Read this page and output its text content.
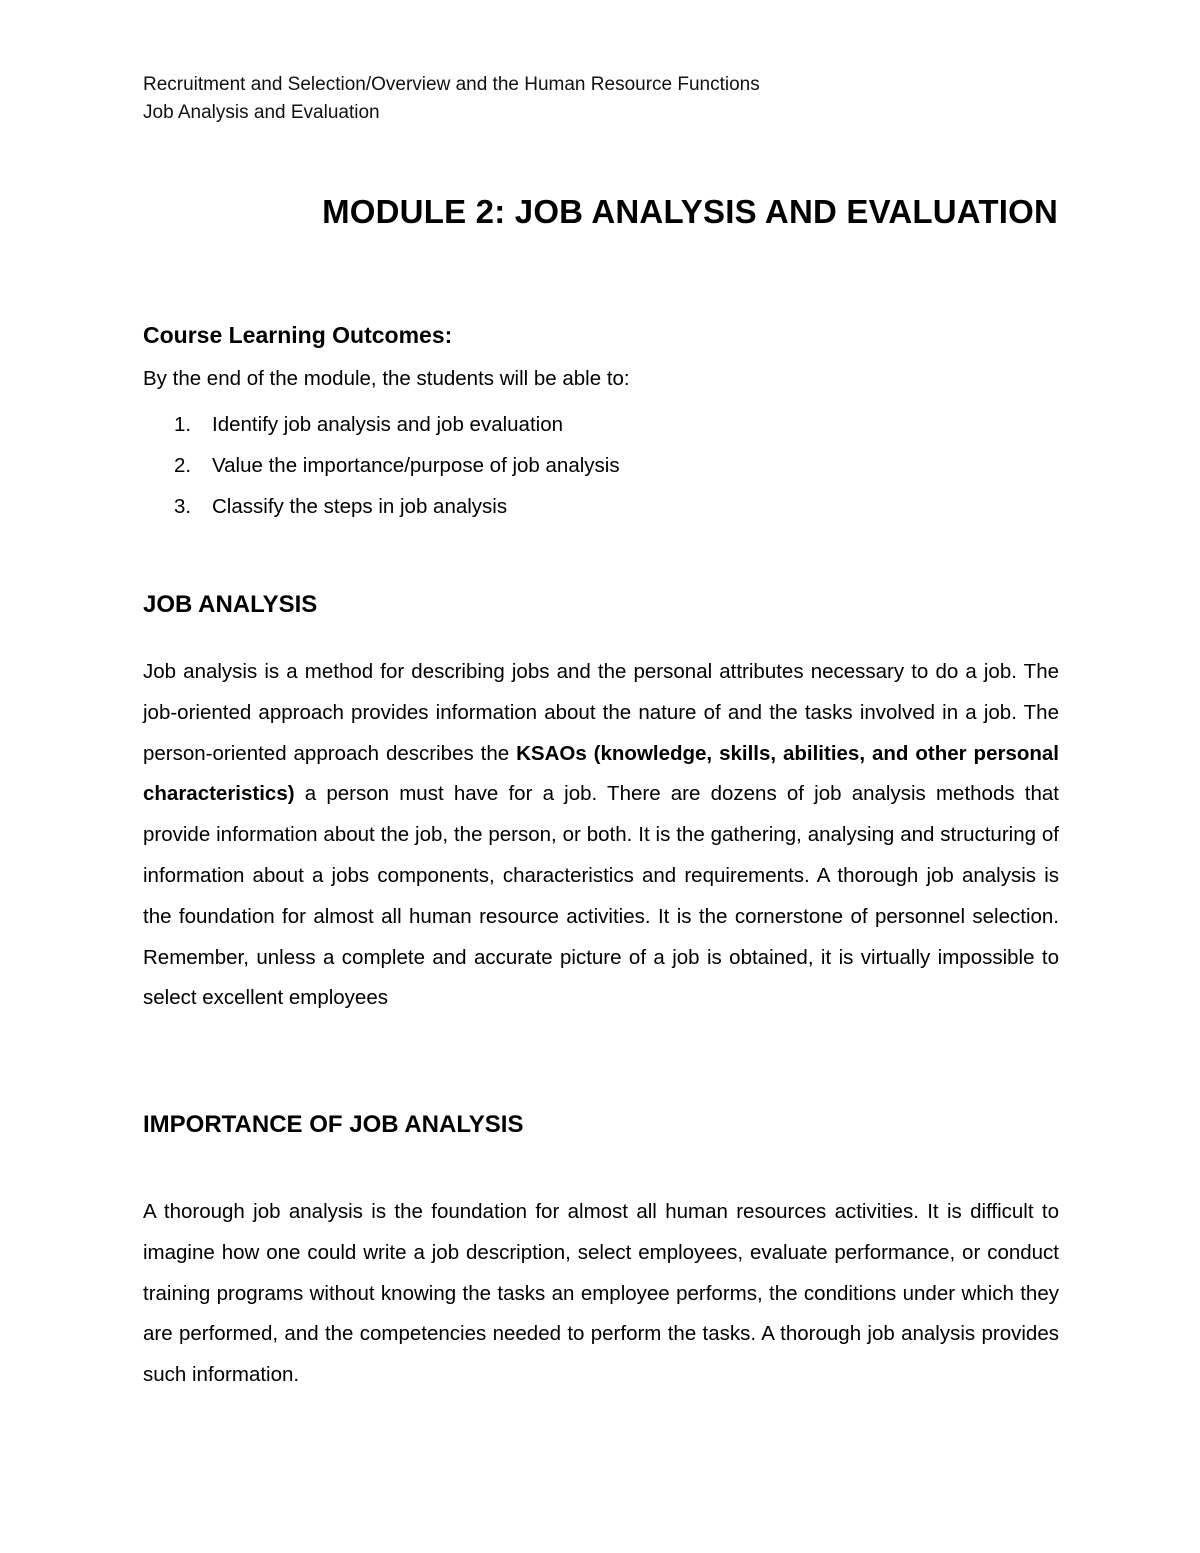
Recruitment and Selection/Overview and the Human Resource Functions
Job Analysis and Evaluation
MODULE 2: JOB ANALYSIS AND EVALUATION
Course Learning Outcomes:
By the end of the module, the students will be able to:
1. Identify job analysis and job evaluation
2. Value the importance/purpose of job analysis
3. Classify the steps in job analysis
JOB ANALYSIS

Job analysis is a method for describing jobs and the personal attributes necessary to do a job. The job-oriented approach provides information about the nature of and the tasks involved in a job. The person-oriented approach describes the KSAOs (knowledge, skills, abilities, and other personal characteristics) a person must have for a job. There are dozens of job analysis methods that provide information about the job, the person, or both. It is the gathering, analysing and structuring of information about a jobs components, characteristics and requirements. A thorough job analysis is the foundation for almost all human resource activities. It is the cornerstone of personnel selection. Remember, unless a complete and accurate picture of a job is obtained, it is virtually impossible to select excellent employees

IMPORTANCE OF JOB ANALYSIS

A thorough job analysis is the foundation for almost all human resources activities. It is difficult to imagine how one could write a job description, select employees, evaluate performance, or conduct training programs without knowing the tasks an employee performs, the conditions under which they are performed, and the competencies needed to perform the tasks. A thorough job analysis provides such information.
